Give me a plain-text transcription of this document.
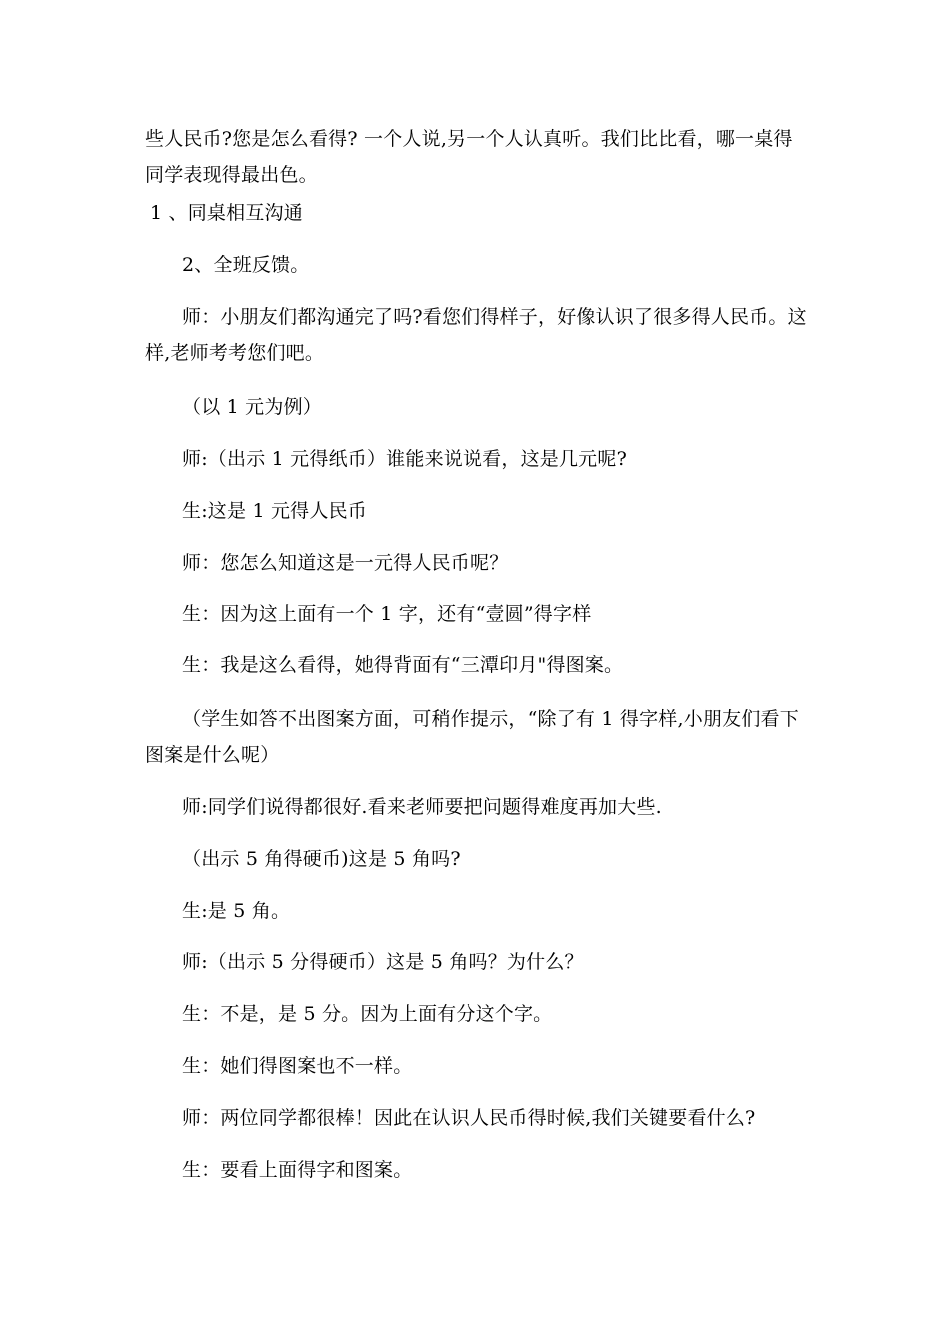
些人民币?您是怎么看得? 一个人说,另一个人认真听。我们比比看，哪一桌得
同学表现得最出色。
1 、同桌相互沟通
2、全班反馈。
师：小朋友们都沟通完了吗?看您们得样子，好像认识了很多得人民币。这
样,老师考考您们吧。
（以 1 元为例）
师:（出示 1 元得纸币）谁能来说说看，这是几元呢?
生:这是 1 元得人民币
师：您怎么知道这是一元得人民币呢？
生：因为这上面有一个 1 字，还有“壹圆”得字样
生：我是这么看得，她得背面有“三潭印月"得图案。
（学生如答不出图案方面，可稍作提示，“除了有 1 得字样,小朋友们看下
图案是什么呢）
师:同学们说得都很好.看来老师要把问题得难度再加大些.
（出示 5 角得硬币)这是 5 角吗?
生:是 5 角。
师:（出示 5 分得硬币）这是 5 角吗？为什么？
生：不是，是 5 分。因为上面有分这个字。
生：她们得图案也不一样。
师：两位同学都很棒！因此在认识人民币得时候,我们关键要看什么?
生：要看上面得字和图案。
